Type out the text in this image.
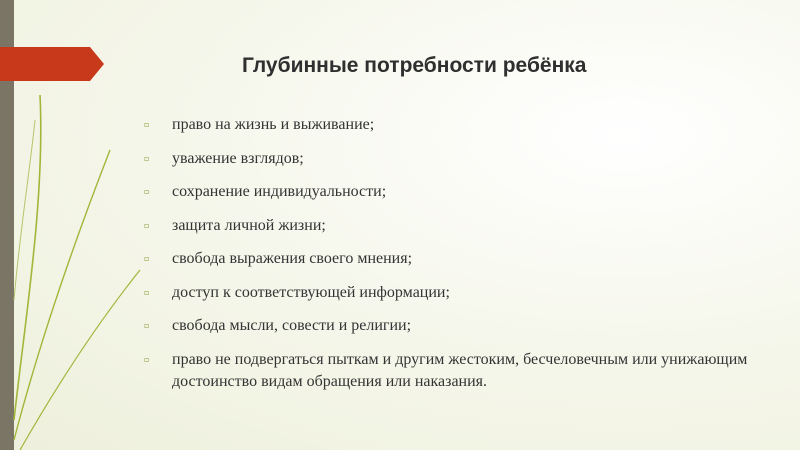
Глубинные потребности ребёнка
▫ право на жизнь и выживание;
▫ уважение взглядов;
▫ сохранение индивидуальности;
▫ защита личной жизни;
▫ свобода выражения своего мнения;
▫ доступ к соответствующей информации;
▫ свобода мысли, совести и религии;
▫ право не подвергаться пыткам и другим жестоким, бесчеловечным или унижающим достоинство видам обращения или наказания.
